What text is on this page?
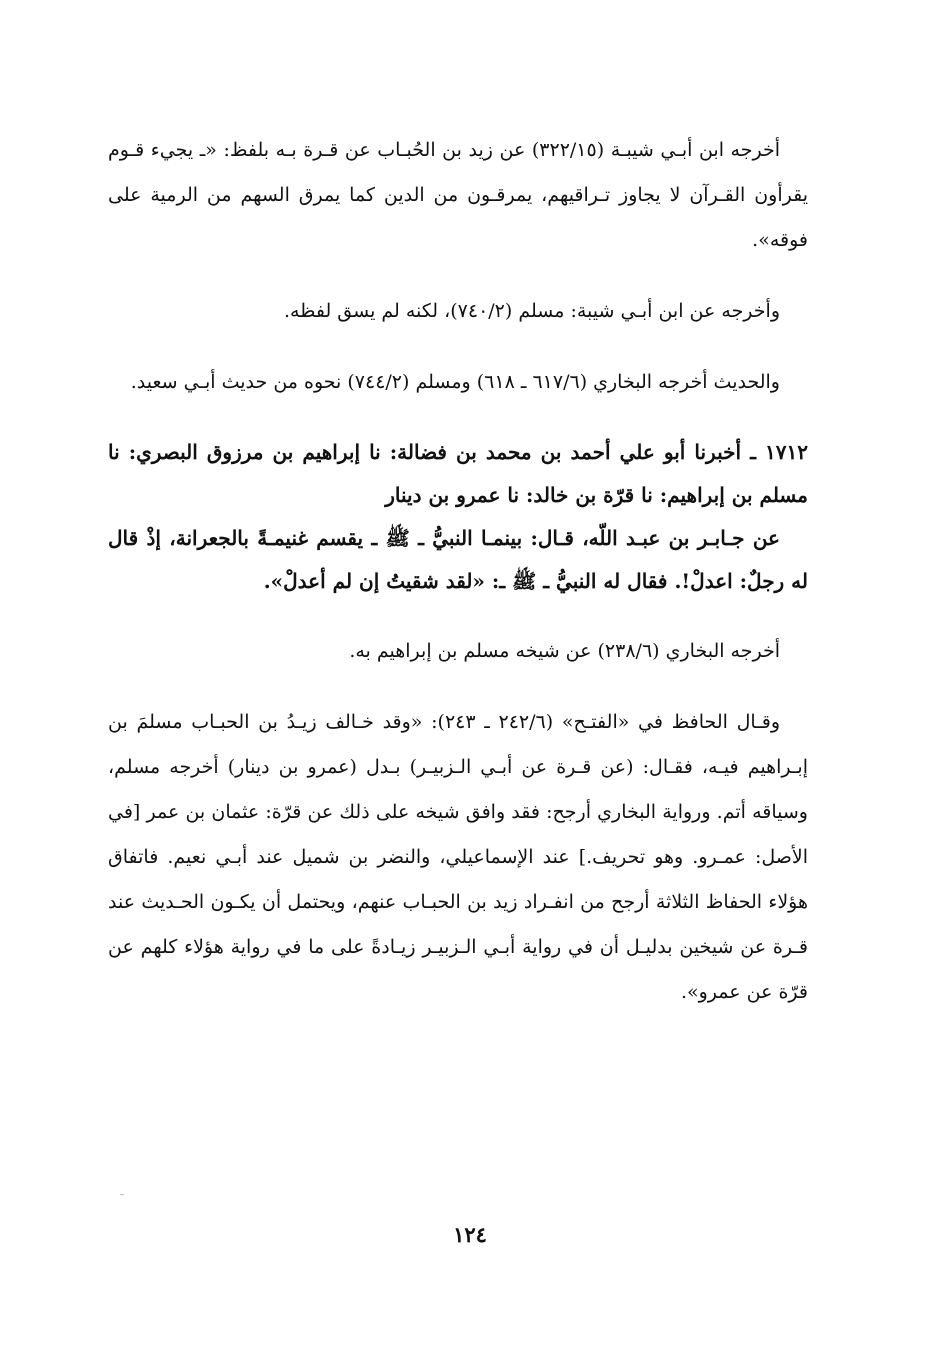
أخرجه ابن أبـي شيبـة (٣٢٢/١٥) عن زيد بن الحُبـاب عن قـرة بـه بلفظ: «ـ يجيء قـوم يقرأون القـرآن لا يجاوز تـراقيهم، يمرقـون من الدين كما يمرق السهم من الرمية على فوقه».

وأخرجه عن ابن أبـي شيبة: مسلم (٧٤٠/٢)، لكنه لم يسق لفظه.

والحديث أخرجه البخاري (٦١٧/٦ ـ ٦١٨) ومسلم (٧٤٤/٢) نحوه من حديث أبـي سعيد.

١٧١٢ ـ أخبرنا أبو علي أحمد بن محمد بن فضالة: نا إبراهيم بن مرزوق البصري: نا مسلم بن إبراهيم: نا قرّة بن خالد: نا عمرو بن دينار

عن جـابـر بن عبـد اللّه، قـال: بينمـا النبيُّ ـ ﷺ ـ يقسم غنيمـةً بالجعرانة، إذْ قال له رجلٌ: اعدلْ!. فقال له النبيُّ ـ ﷺ ـ: «لقد شقيتُ إن لم أعدلْ».

أخرجه البخاري (٢٣٨/٦) عن شيخه مسلم بن إبراهيم به.

وقـال الحافظ في «الفتـح» (٢٤٢/٦ ـ ٢٤٣): «وقد خـالف زيـدُ بن الحبـاب مسلمَ بن إبـراهيم فيـه، فقـال: (عن قـرة عن أبـي الـزبيـر) بـدل (عمرو بن دينار) أخرجه مسلم، وسياقه أتم. ورواية البخاري أرجح: فقد وافق شيخه على ذلك عن قرّة: عثمان بن عمر [في الأصل: عمـرو. وهو تحريف.] عند الإسماعيلي، والنضر بن شميل عند أبـي نعيم. فاتفاق هؤلاء الحفاظ الثلاثة أرجح من انفـراد زيد بن الحبـاب عنهم، ويحتمل أن يكـون الحـديث عند قـرة عن شيخين بدليـل أن في رواية أبـي الـزبيـر زيـادةً على ما في رواية هؤلاء كلهم عن قرّة عن عمرو».

١٢٤
